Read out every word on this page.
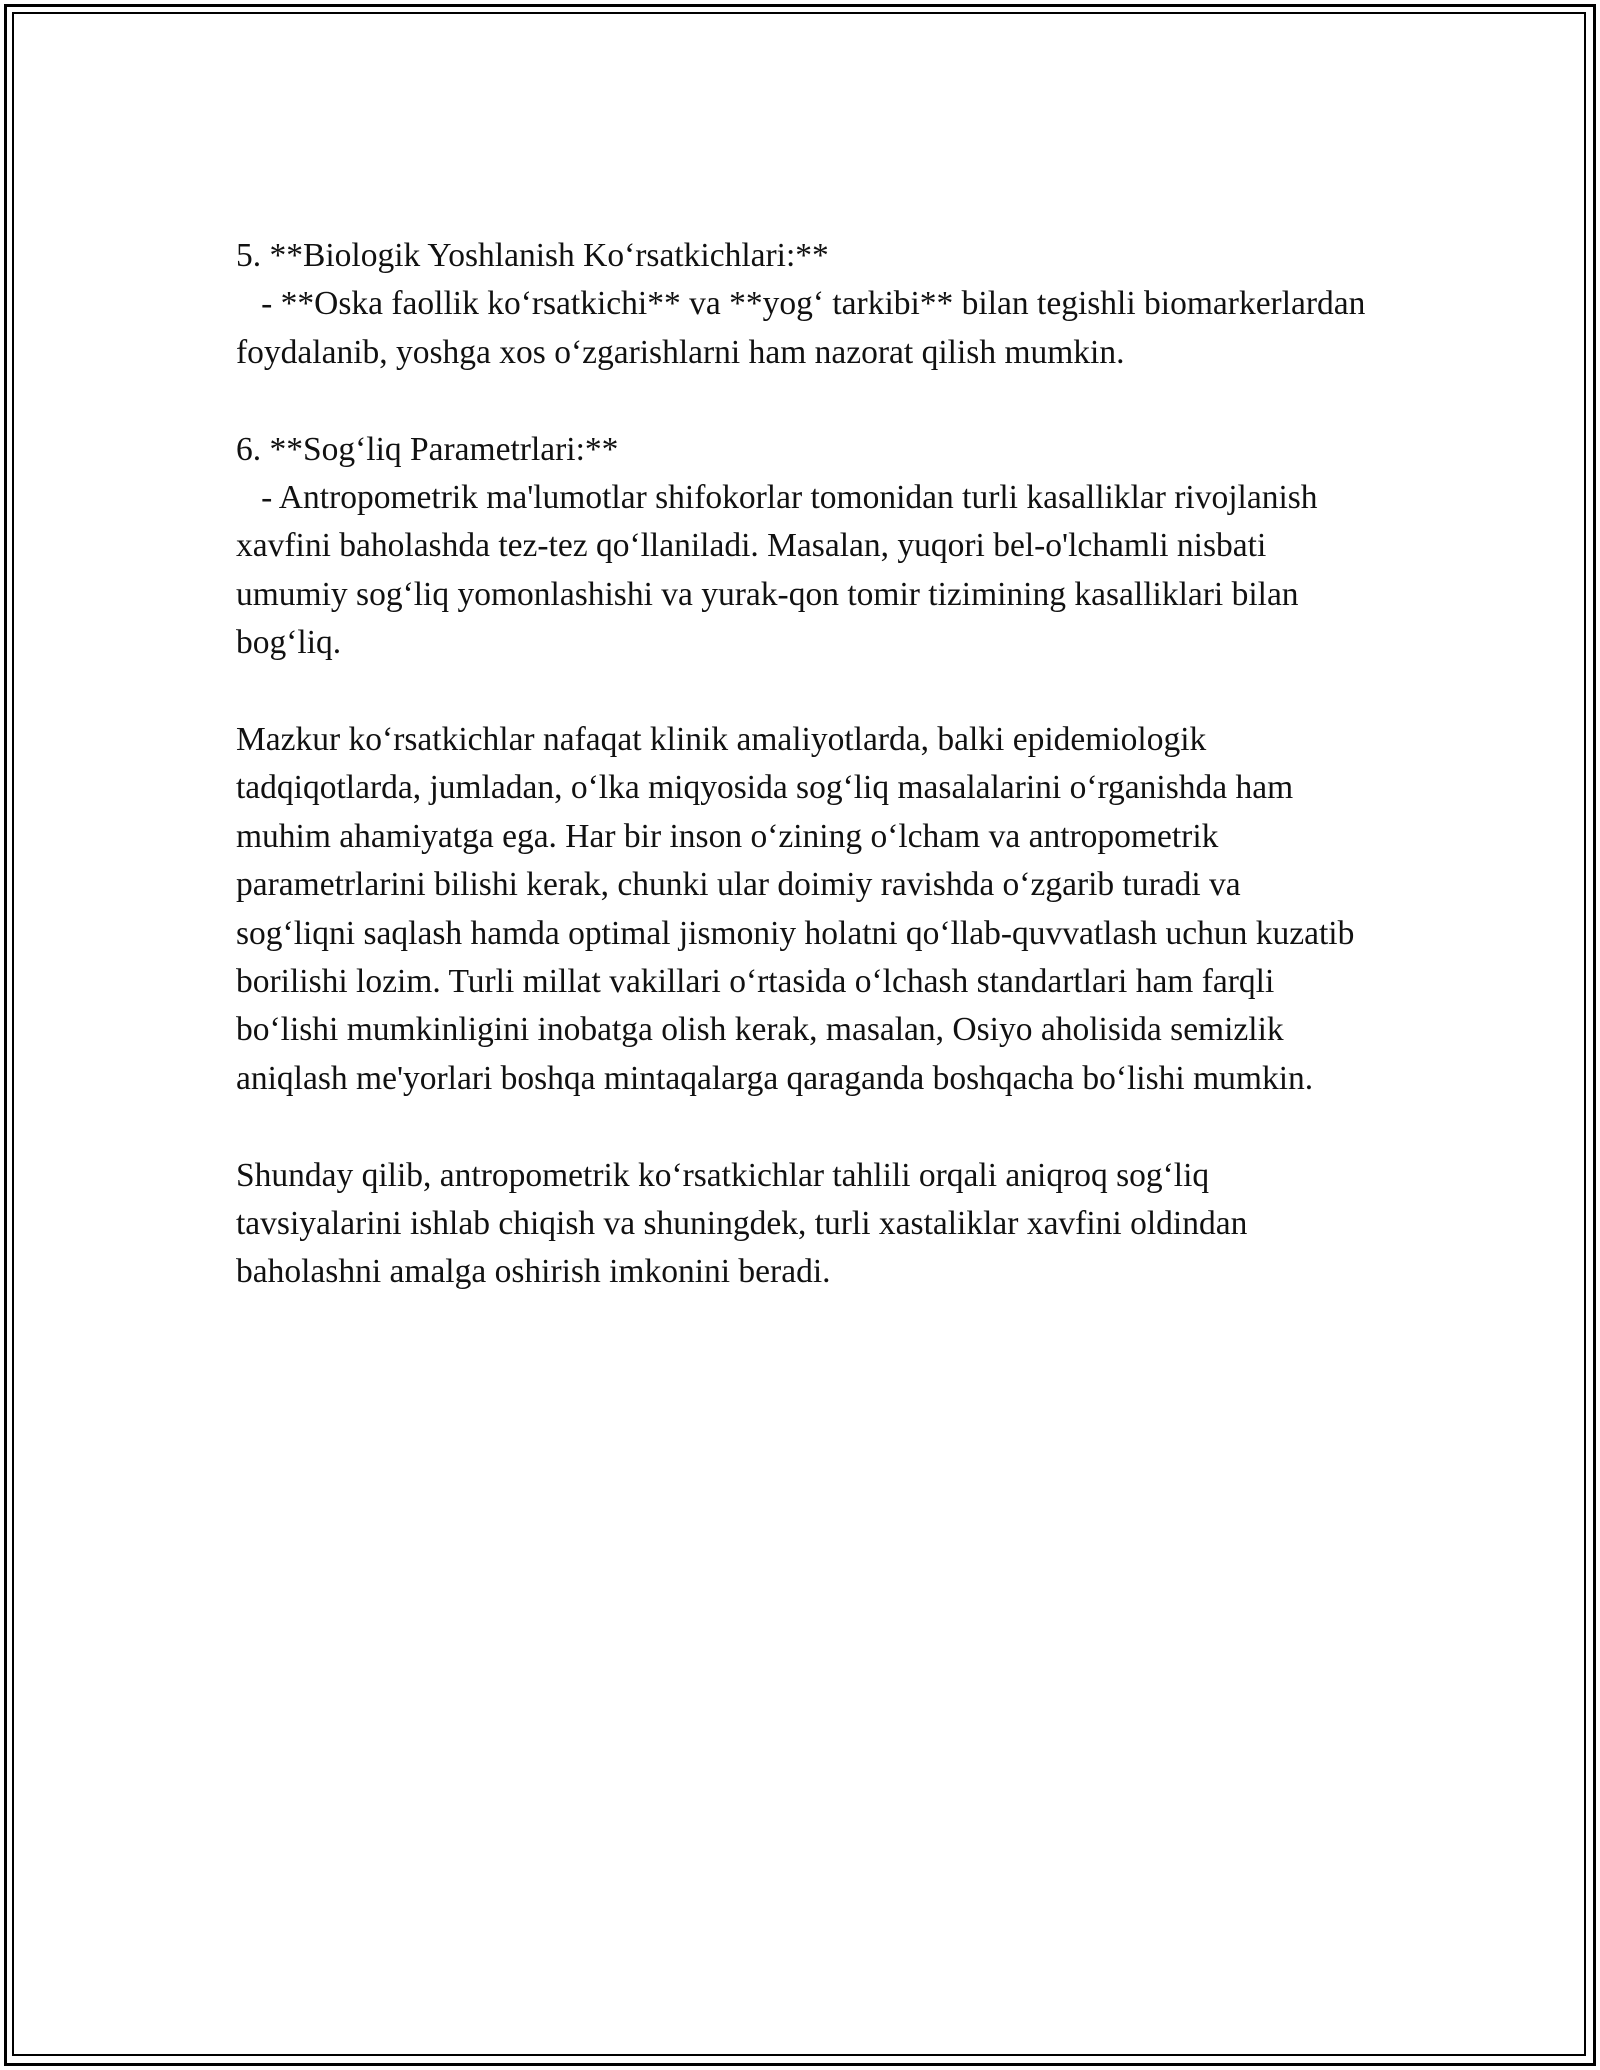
5. **Biologik Yoshlanish Koʻrsatkichlari:**

- **Oska faollik koʻrsatkichi** va **yogʻ tarkibi** bilan tegishli biomarkerlardan foydalanib, yoshga xos oʻzgarishlarni ham nazorat qilish mumkin.

6. **Sogʻliq Parametrlari:**

- Antropometrik ma'lumotlar shifokorlar tomonidan turli kasalliklar rivojlanish xavfini baholashda tez-tez qoʻllaniladi. Masalan, yuqori bel-o'lchamli nisbati umumiy sogʻliq yomonlashishi va yurak-qon tomir tizimining kasalliklari bilan bogʻliq.

Mazkur koʻrsatkichlar nafaqat klinik amaliyotlarda, balki epidemiologik tadqiqotlarda, jumladan, oʻlka miqyosida sogʻliq masalalarini oʻrganishda ham muhim ahamiyatga ega. Har bir inson oʻzining oʻlcham va antropometrik parametrlarini bilishi kerak, chunki ular doimiy ravishda oʻzgarib turadi va sogʻliqni saqlash hamda optimal jismoniy holatni qoʻllab-quvvatlash uchun kuzatib borilishi lozim. Turli millat vakillari oʻrtasida oʻlchash standartlari ham farqli boʻlishi mumkinligini inobatga olish kerak, masalan, Osiyo aholisida semizlik aniqlash me'yorlari boshqa mintaqalarga qaraganda boshqacha boʻlishi mumkin.

Shunday qilib, antropometrik koʻrsatkichlar tahlili orqali aniqroq sogʻliq tavsiyalarini ishlab chiqish va shuningdek, turli xastaliklar xavfini oldindan baholashni amalga oshirish imkonini beradi.
